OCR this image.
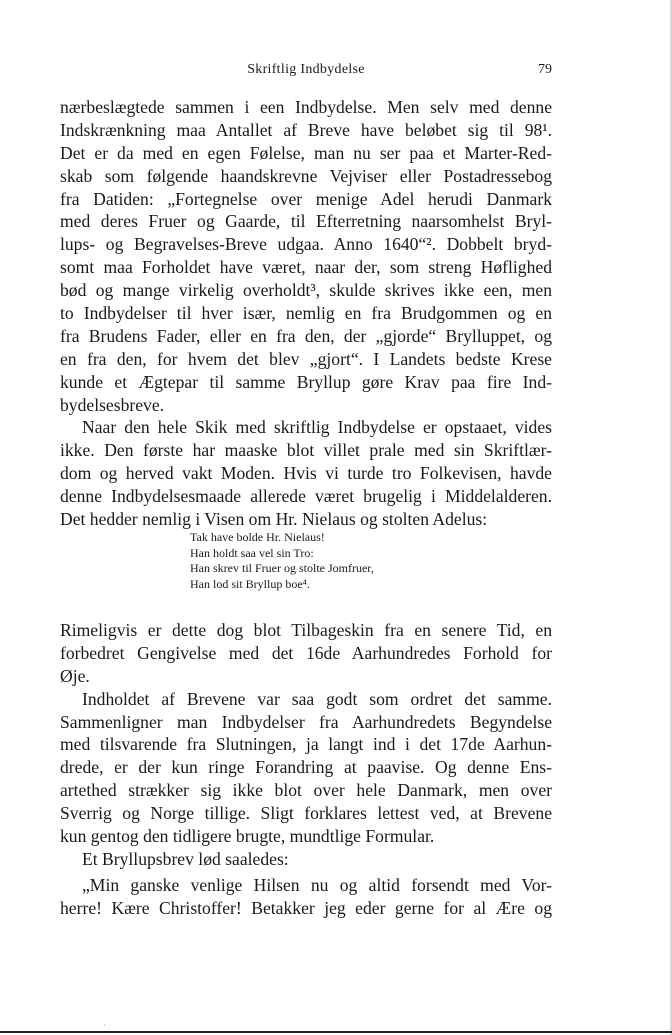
Skriftlig Indbydelse	79
nærbeslægtede sammen i een Indbydelse. Men selv med denne
Indskrænkning maa Antallet af Breve have beløbet sig til 98¹.
Det er da med en egen Følelse, man nu ser paa et Marter-Red-
skab som følgende haandskrevne Vejviser eller Postadressebog
fra Datiden: „Fortegnelse over menige Adel herudi Danmark
med deres Fruer og Gaarde, til Efterretning naarsomhelst Bryl-
lups- og Begravelses-Breve udgaa. Anno 1640“². Dobbelt bryd-
somt maa Forholdet have været, naar der, som streng Høflighed
bød og mange virkelig overholdt³, skulde skrives ikke een, men
to Indbydelser til hver især, nemlig en fra Brudgommen og en
fra Brudens Fader, eller en fra den, der „gjorde“ Brylluppet, og
en fra den, for hvem det blev „gjort“. I Landets bedste Krese
kunde et Ægtepar til samme Bryllup gøre Krav paa fire Ind-
bydelsesbreve.
Naar den hele Skik med skriftlig Indbydelse er opstaaet, vides
ikke. Den første har maaske blot villet prale med sin Skriftlær-
dom og herved vakt Moden. Hvis vi turde tro Folkevisen, havde
denne Indbydelsesmaade allerede været brugelig i Middelalderen.
Det hedder nemlig i Visen om Hr. Nielaus og stolten Adelus:
Tak have bolde Hr. Nielaus!
Han holdt saa vel sin Tro:
Han skrev til Fruer og stolte Jomfruer,
Han lod sit Bryllup boe⁴.
Rimeligvis er dette dog blot Tilbageskin fra en senere Tid, en
forbedret Gengivelse med det 16de Aarhundredes Forhold for
Øje.
Indholdet af Brevene var saa godt som ordret det samme.
Sammenligner man Indbydelser fra Aarhundredets Begyndelse
med tilsvarende fra Slutningen, ja langt ind i det 17de Aarhun-
drede, er der kun ringe Forandring at paavise. Og denne Ens-
artethed strækker sig ikke blot over hele Danmark, men over
Sverrig og Norge tillige. Sligt forklares lettest ved, at Brevene
kun gentog den tidligere brugte, mundtlige Formular.
Et Bryllupsbrev lød saaledes:
„Min ganske venlige Hilsen nu og altid forsendt med Vor-
herre! Kære Christoffer! Betakker jeg eder gerne for al Ære og
·
